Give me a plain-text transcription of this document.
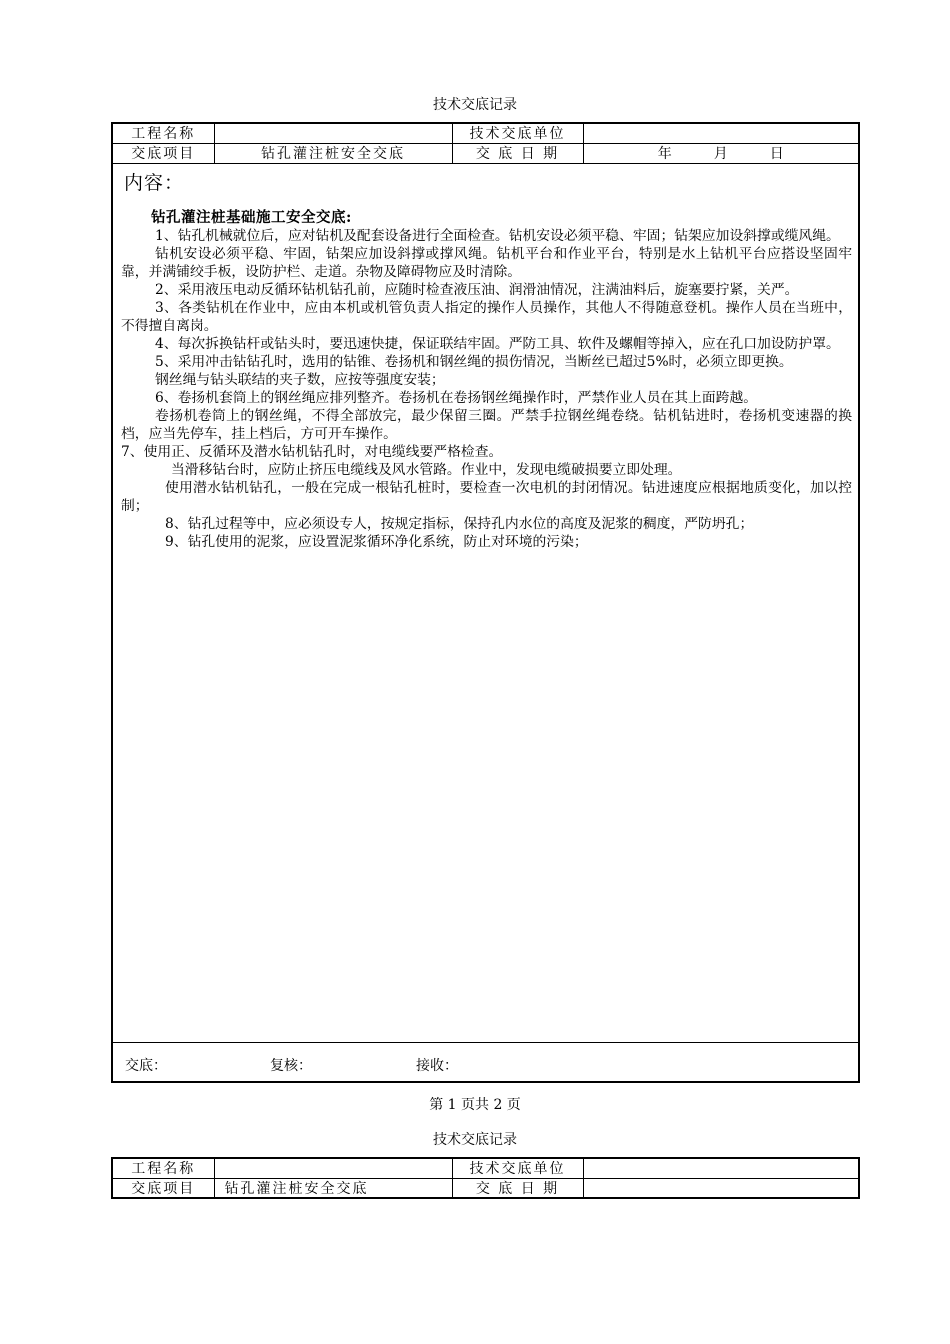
技术交底记录
工程名称		技术交底单位	
交底项目	钻孔灌注桩安全交底	交 底 日 期	年　　　月　　　日
内容：
钻孔灌注桩基础施工安全交底:

1、钻孔机械就位后，应对钻机及配套设备进行全面检查。钻机安设必须平稳、牢固；钻架应加设斜撑或缆风绳。

钻机安设必须平稳、牢固，钻架应加设斜撑或撑风绳。钻机平台和作业平台，特别是水上钻机平台应搭设坚固牢靠，并满铺绞手板，设防护栏、走道。杂物及障碍物应及时清除。

2、采用液压电动反循环钻机钻孔前，应随时检查液压油、润滑油情况，注满油料后，旋塞要拧紧，关严。

3、各类钻机在作业中，应由本机或机管负责人指定的操作人员操作，其他人不得随意登机。操作人员在当班中，不得擅自离岗。

4、每次拆换钻杆或钻头时，要迅速快捷，保证联结牢固。严防工具、软件及螺帽等掉入，应在孔口加设防护罩。

5、采用冲击钻钻孔时，选用的钻锥、卷扬机和钢丝绳的损伤情况，当断丝已超过5%时，必须立即更换。

钢丝绳与钻头联结的夹子数，应按等强度安装；

6、卷扬机套筒上的钢丝绳应排列整齐。卷扬机在卷扬钢丝绳操作时，严禁作业人员在其上面跨越。

卷扬机卷筒上的钢丝绳，不得全部放完，最少保留三圈。严禁手拉钢丝绳卷绕。钻机钻进时，卷扬机变速器的换档，应当先停车，挂上档后，方可开车操作。

7、使用正、反循环及潜水钻机钻孔时，对电缆线要严格检查。

当滑移钻台时，应防止挤压电缆线及风水管路。作业中，发现电缆破损要立即处理。

使用潜水钻机钻孔，一般在完成一根钻孔桩时，要检查一次电机的封闭情况。钻进速度应根据地质变化，加以控制；

8、钻孔过程等中，应必须设专人，按规定指标，保持孔内水位的高度及泥浆的稠度，严防坍孔；

9、钻孔使用的泥浆，应设置泥浆循环净化系统，防止对环境的污染；

交底：	复核：	接收：
第 1 页共 2 页
技术交底记录
工程名称		技术交底单位	
交底项目	钻孔灌注桩安全交底	交 底 日 期	
